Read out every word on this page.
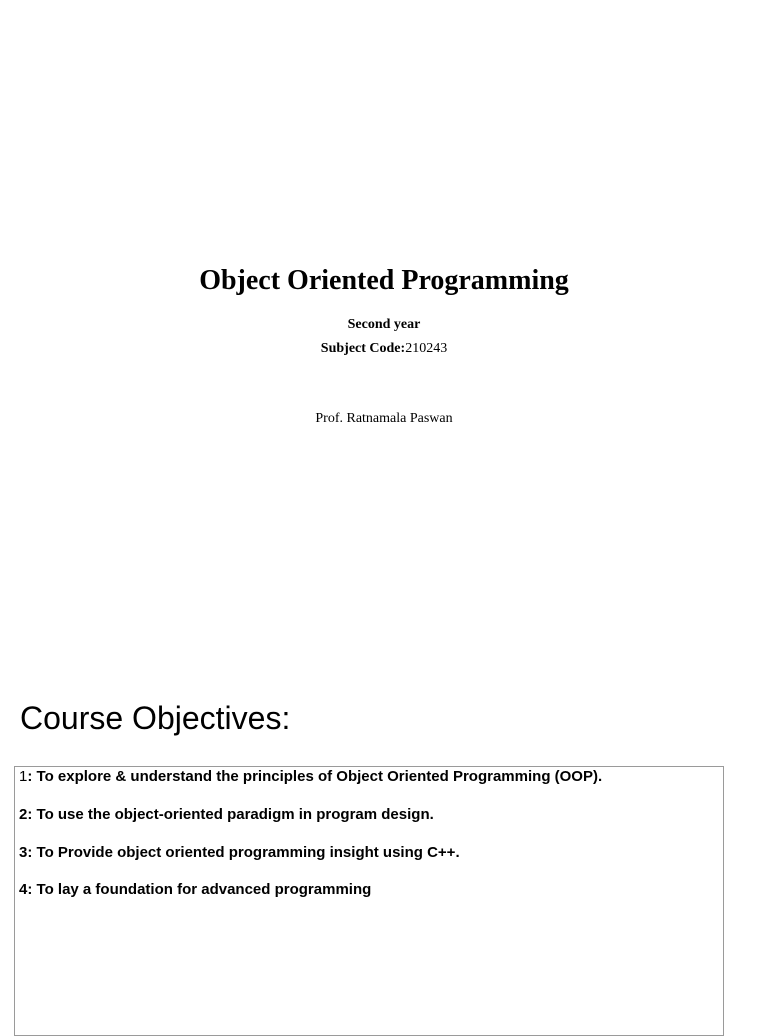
Object Oriented Programming
Second year
Subject Code:210243
Prof. Ratnamala Paswan
Course Objectives:
1: To explore & understand the principles of Object Oriented Programming (OOP).
2: To use the object-oriented paradigm in program design.
3: To Provide object oriented programming insight using C++.
4: To lay a foundation for advanced programming
